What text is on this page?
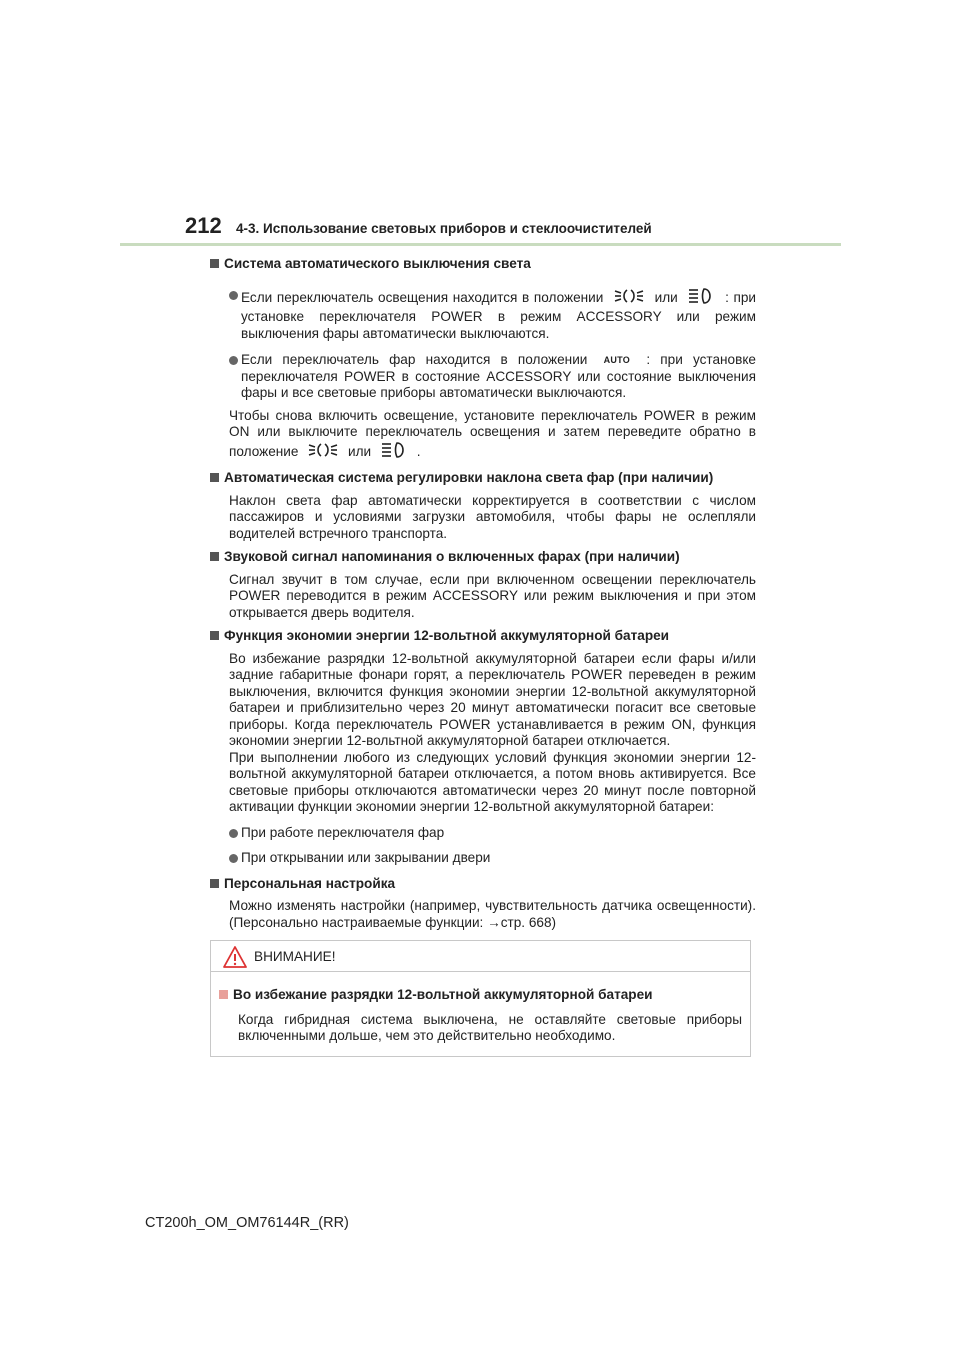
212 4-3. Использование световых приборов и стеклоочистителей
Система автоматического выключения света
Если переключатель освещения находится в положении	или	: при установке переключателя POWER в режим ACCESSORY или режим выключения фары автоматически выключаются.
Если переключатель фар находится в положении AUTO : при установке переключателя POWER в состояние ACCESSORY или состояние выключения фары и все световые приборы автоматически выключаются.
Чтобы снова включить освещение, установите переключатель POWER в режим ON или выключите переключатель освещения и затем переведите обратно в положение	или	.
Автоматическая система регулировки наклона света фар (при наличии)
Наклон света фар автоматически корректируется в соответствии с числом пассажиров и условиями загрузки автомобиля, чтобы фары не ослепляли водителей встречного транспорта.
Звуковой сигнал напоминания о включенных фарах (при наличии)
Сигнал звучит в том случае, если при включенном освещении переключатель POWER переводится в режим ACCESSORY или режим выключения и при этом открывается дверь водителя.
Функция экономии энергии 12-вольтной аккумуляторной батареи
Во избежание разрядки 12-вольтной аккумуляторной батареи если фары и/или задние габаритные фонари горят, а переключатель POWER переведен в режим выключения, включится функция экономии энергии 12-вольтной аккумуляторной батареи и приблизительно через 20 минут автоматически погасит все световые приборы. Когда переключатель POWER устанавливается в режим ON, функция экономии энергии 12-вольтной аккумуляторной батареи отключается.
При выполнении любого из следующих условий функция экономии энергии 12-вольтной аккумуляторной батареи отключается, а потом вновь активируется. Все световые приборы отключаются автоматически через 20 минут после повторной активации функции экономии энергии 12-вольтной аккумуляторной батареи:
При работе переключателя фар
При открывании или закрывании двери
Персональная настройка
Можно изменять настройки (например, чувствительность датчика освещенности). (Персонально настраиваемые функции: →стр. 668)
ВНИМАНИЕ!
Во избежание разрядки 12-вольтной аккумуляторной батареи
Когда гибридная система выключена, не оставляйте световые приборы включенными дольше, чем это действительно необходимо.
CT200h_OM_OM76144R_(RR)
